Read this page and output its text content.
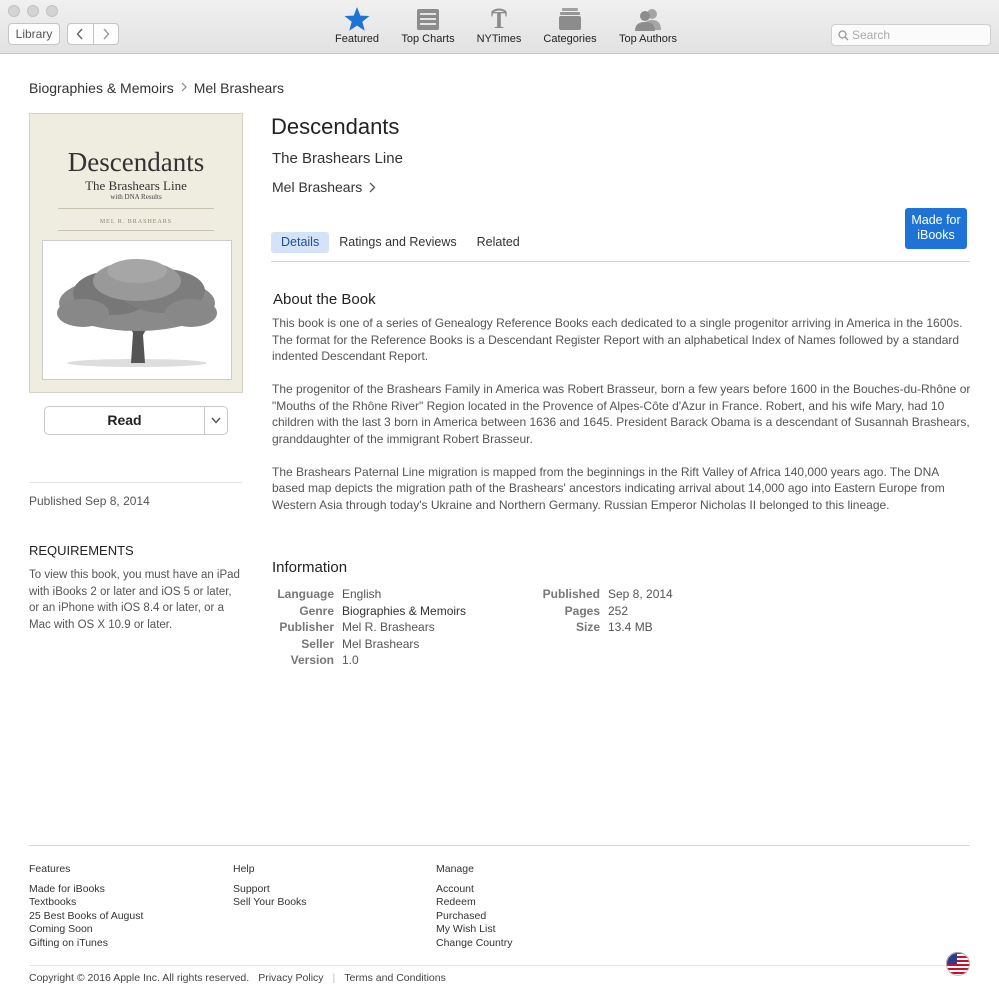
Library	Featured Top Charts
T
NYTimes	Categories	Top Authors
Search
Biographies & Memoirs Mel Brashears
Descendants
The Brashears Line
with DNA Results
MEL R. BRASHEARS
Read
Published Sep 8, 2014
REQUIREMENTS
To view this book, you must have an iPad with iBooks 2 or later and iOS 5 or later, or an iPhone with iOS 8.4 or later, or a Mac with OS X 10.9 or later.
Descendants
The Brashears Line
Mel Brashears
Made for
iBooks
Details	Ratings and Reviews	Related
About the Book

This book is one of a series of Genealogy Reference Books each dedicated to a single progenitor arriving in America in the 1600s. The format for the Reference Books is a Descendant Register Report with an alphabetical Index of Names followed by a standard indented Descendant Report.

The progenitor of the Brashears Family in America was Robert Brasseur, born a few years before 1600 in the Bouches-du-Rhône or "Mouths of the Rhône River" Region located in the Provence of Alpes-Côte d'Azur in France. Robert, and his wife Mary, had 10 children with the last 3 born in America between 1636 and 1645. President Barack Obama is a descendant of Susannah Brashears, granddaughter of the immigrant Robert Brasseur.

The Brashears Paternal Line migration is mapped from the beginnings in the Rift Valley of Africa 140,000 years ago. The DNA based map depicts the migration path of the Brashears' ancestors indicating arrival about 14,000 ago into Eastern Europe from Western Asia through today's Ukraine and Northern Germany. Russian Emperor Nicholas II belonged to this lineage.

Information
Language English
Genre Biographies & Memoirs
Publisher Mel R. Brashears
Seller Mel Brashears
Version 1.0
Published Sep 8, 2014
Pages 252
Size 13.4 MB
Features
Made for iBooks
Textbooks
25 Best Books of August
Coming Soon
Gifting on iTunes
Help
Support
Sell Your Books
Manage
Account
Redeem
Purchased
My Wish List
Change Country
Copyright © 2016 Apple Inc. All rights reserved. Privacy Policy | Terms and Conditions
